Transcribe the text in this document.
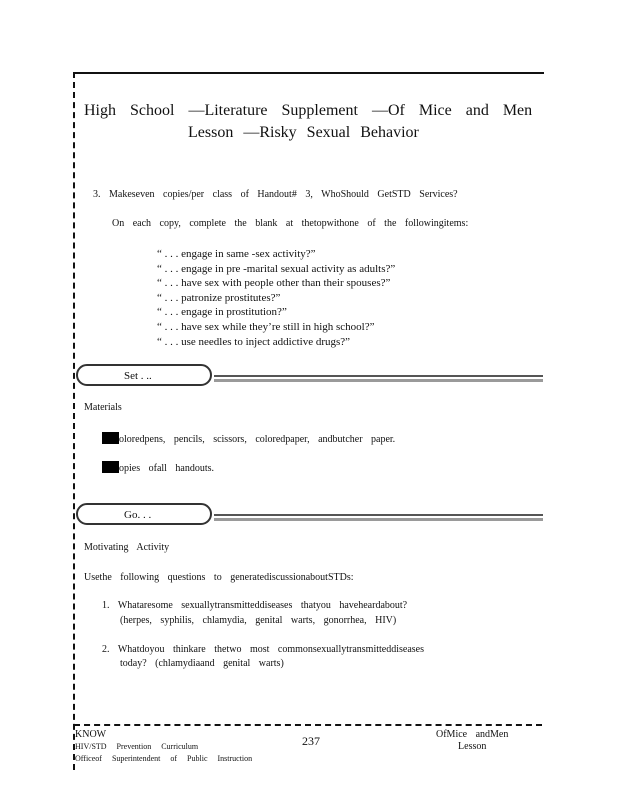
High School —Literature Supplement —Of Mice and Men
Lesson —Risky Sexual Behavior
3. Makeseven copies/per class of Handout# 3, WhoShould GetSTD Services?
On each copy, complete the blank at thetopwithone of the followingitems:
“ . . . engage in same -sex activity?”
“ . . . engage in pre -marital sexual activity as adults?”
“ . . . have sex with people other than their spouses?”
“ . . . patronize prostitutes?”
“ . . . engage in prostitution?”
“ . . . have sex while they’re still in high school?”
“ . . . use needles to inject addictive drugs?”
Set . ..
Materials
oloredpens, pencils, scissors, coloredpaper, andbutcher paper.
opies ofall handouts.
Go. . .
Motivating Activity
Usethe following questions to generatediscussionaboutSTDs:
1. Whataresome sexuallytransmitteddiseases thatyou haveheardabout?
(herpes, syphilis, chlamydia, genital warts, gonorrhea, HIV)
2. Whatdoyou thinkare thetwo most commonsexuallytransmitteddiseases
today? (chlamydiaand genital warts)
KNOW
HIV/STD Prevention Curriculum
Officeof Superintendent of Public Instruction
237	OfMice andMen
Lesson
